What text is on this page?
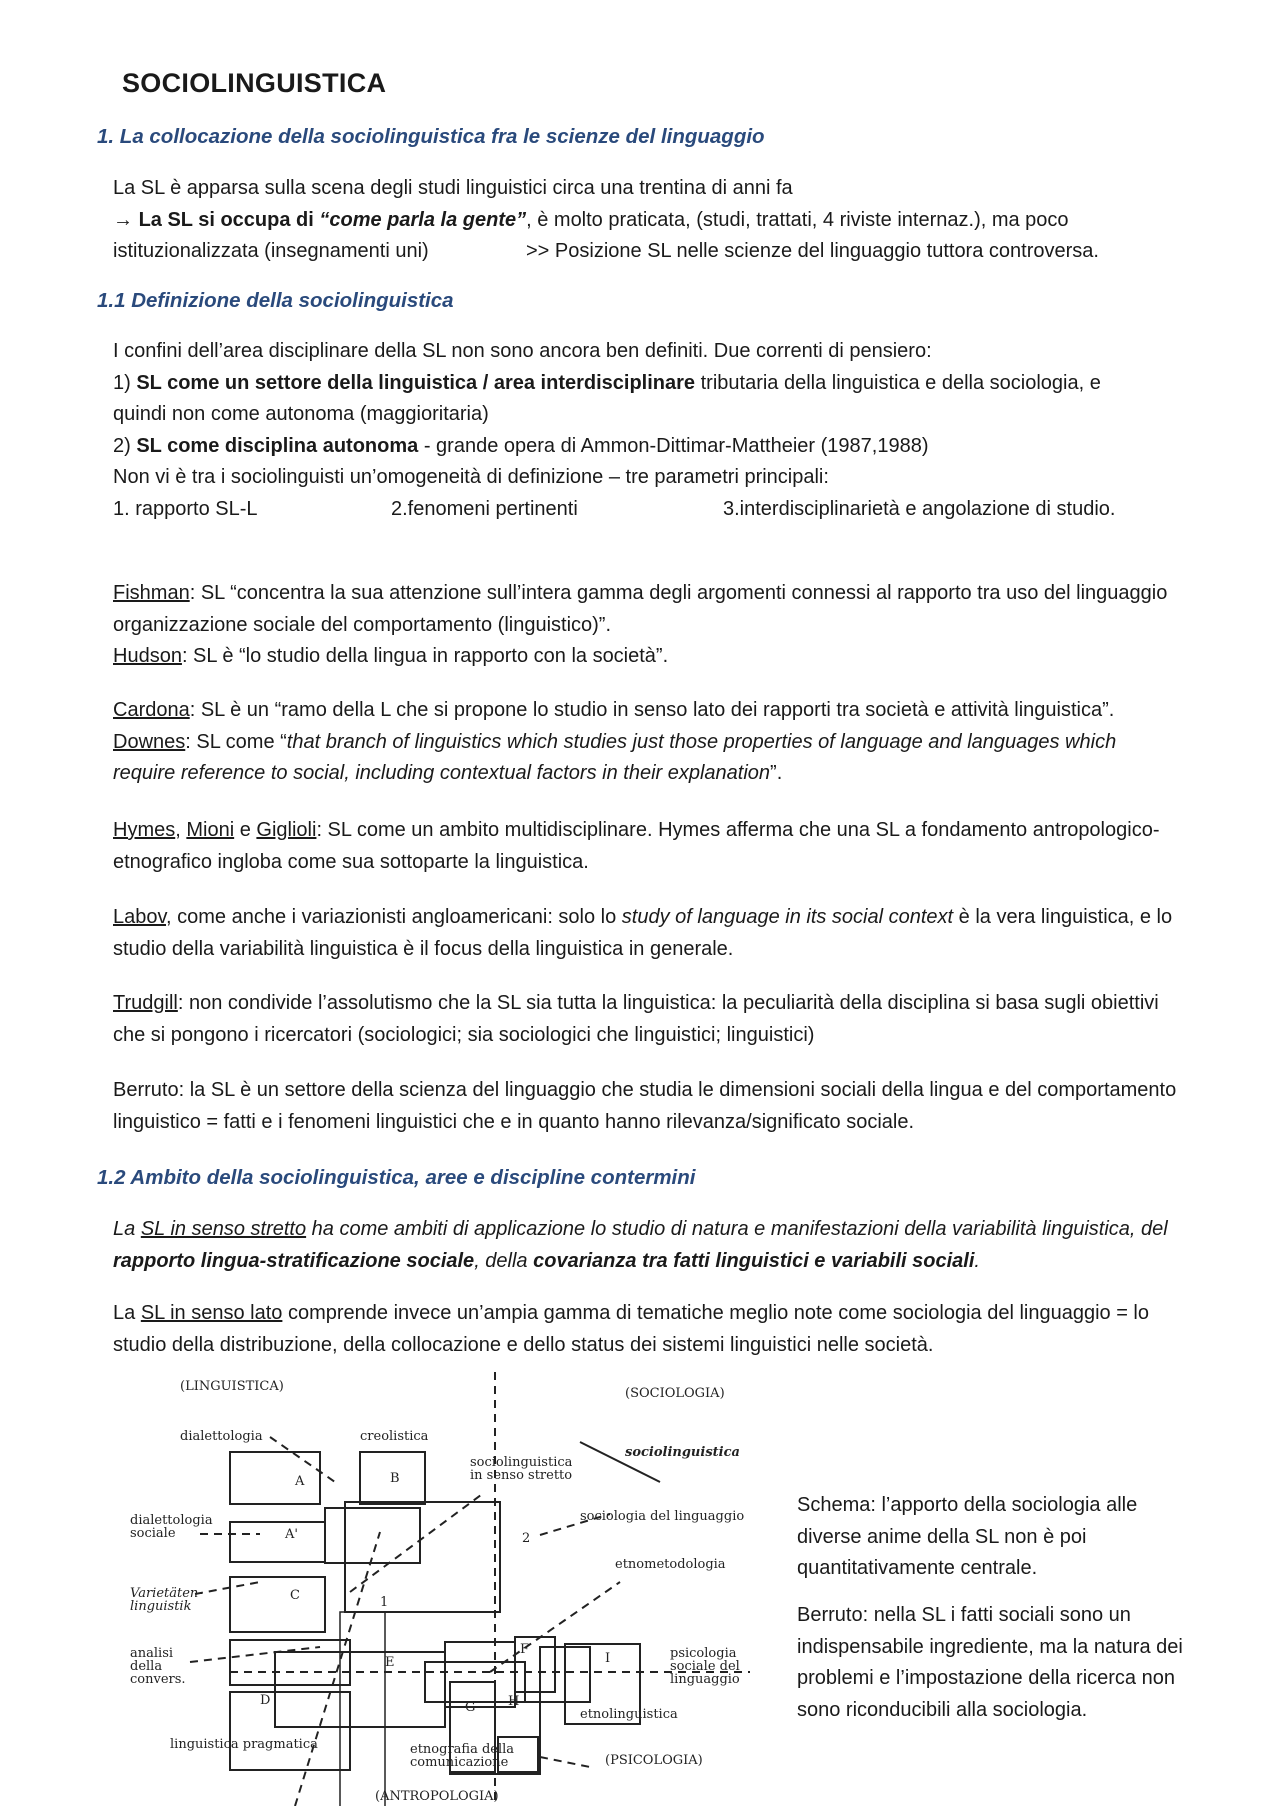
SOCIOLINGUISTICA
1. La collocazione della sociolinguistica fra le scienze del linguaggio
La SL è apparsa sulla scena degli studi linguistici circa una trentina di anni fa
→ La SL si occupa di “come parla la gente”, è molto praticata, (studi, trattati, 4 riviste internaz.), ma poco
istituzionalizzata (insegnamenti uni)	>> Posizione SL nelle scienze del linguaggio tuttora controversa.
1.1 Definizione della sociolinguistica
I confini dell’area disciplinare della SL non sono ancora ben definiti. Due correnti di pensiero:
1) SL come un settore della linguistica / area interdisciplinare tributaria della linguistica e della sociologia, e
quindi non come autonoma (maggioritaria)
2) SL come disciplina autonoma - grande opera di Ammon-Dittimar-Mattheier (1987,1988)
Non vi è tra i sociolinguisti un’omogeneità di definizione – tre parametri principali:
1. rapporto SL-L	2.fenomeni pertinenti	3.interdisciplinarietà e angolazione di studio.
Fishman: SL “concentra la sua attenzione sull’intera gamma degli argomenti connessi al rapporto tra uso del linguaggio organizzazione sociale del comportamento (linguistico)”.
Hudson: SL è “lo studio della lingua in rapporto con la società”.
Cardona: SL è un “ramo della L che si propone lo studio in senso lato dei rapporti tra società e attività linguistica”. Downes: SL come “that branch of linguistics which studies just those properties of language and languages which require reference to social, including contextual factors in their explanation”.
Hymes, Mioni e Giglioli: SL come un ambito multidisciplinare. Hymes afferma che una SL a fondamento antropologico-etnografico ingloba come sua sottoparte la linguistica.
Labov, come anche i variazionisti angloamericani: solo lo study of language in its social context è la vera linguistica, e lo studio della variabilità linguistica è il focus della linguistica in generale.
Trudgill: non condivide l’assolutismo che la SL sia tutta la linguistica: la peculiarità della disciplina si basa sugli obiettivi che si pongono i ricercatori (sociologici; sia sociologici che linguistici; linguistici)
Berruto: la SL è un settore della scienza del linguaggio che studia le dimensioni sociali della lingua e del comportamento linguistico = fatti e i fenomeni linguistici che e in quanto hanno rilevanza/significato sociale.
1.2 Ambito della sociolinguistica, aree e discipline contermini
La SL in senso stretto ha come ambiti di applicazione lo studio di natura e manifestazioni della variabilità linguistica, del rapporto lingua-stratificazione sociale, della covarianza tra fatti linguistici e variabili sociali.
La SL in senso lato comprende invece un’ampia gamma di tematiche meglio note come sociologia del linguaggio = lo studio della distribuzione, della collocazione e dello status dei sistemi linguistici nelle società.
(LINGUISTICA)	(SOCIOLOGIA)
dialettologia	creolistica
sociolinguistica
in senso stretto
sociolinguistica
dialettologia
sociale
sociologia del linguaggio
etnometodologia
Varietäten-
linguistik
analisi
della
convers.
psicologia
sociale del
linguaggio
etnolinguistica
linguistica pragmatica	etnografia della
comunicazione	(PSICOLOGIA)
(ANTROPOLOGIA)
A
A'
B
C
D
E
F
G	H
I
1
2
Schema: l’apporto della sociologia alle diverse anime della SL non è poi quantitativamente centrale.
Berruto: nella SL i fatti sociali sono un indispensabile ingrediente, ma la natura dei problemi e l’impostazione della ricerca non sono riconducibili alla sociologia.
